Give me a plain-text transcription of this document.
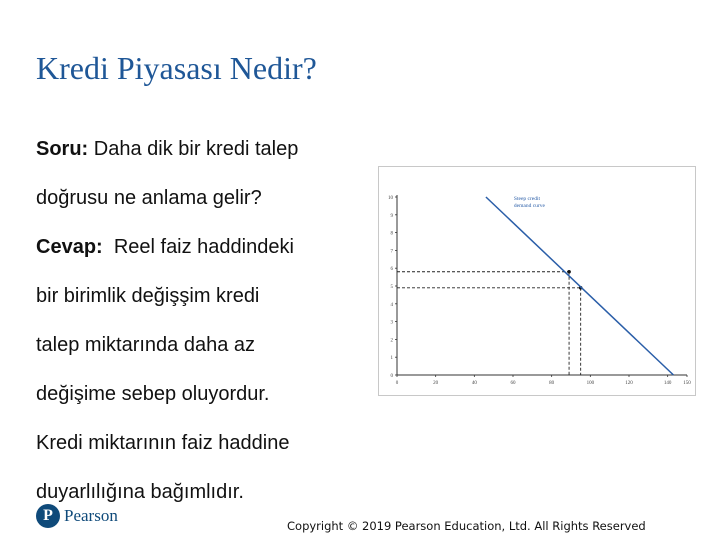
Kredi Piyasası Nedir?
Soru: Daha dik bir kredi talep
doğrusu ne anlama gelir?
Cevap:  Reel faiz haddindeki
bir birimlik değişşim kredi
talep miktarında daha az
değişime sebep oluyordur.
Kredi miktarının faiz haddine
duyarlılığına bağımlıdır.
0
1
2
3
4
5
6
7
8
9
10
0	20	40	60	80	100	120	140 150
Steep credit
demand curve
P Pearson
Copyright © 2019 Pearson Education, Ltd. All Rights Reserved
